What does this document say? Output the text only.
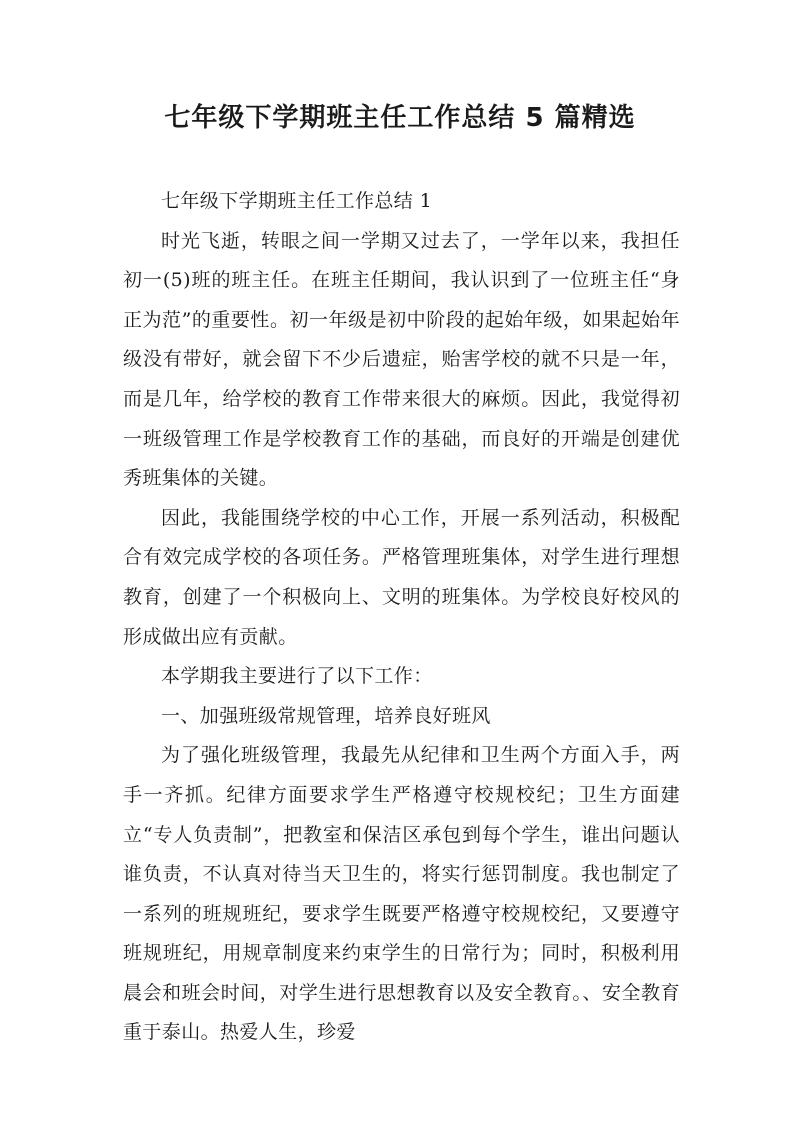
七年级下学期班主任工作总结 5 篇精选

七年级下学期班主任工作总结 1

时光飞逝，转眼之间一学期又过去了，一学年以来，我担任初一(5)班的班主任。在班主任期间，我认识到了一位班主任“身正为范”的重要性。初一年级是初中阶段的起始年级，如果起始年级没有带好，就会留下不少后遗症，贻害学校的就不只是一年，而是几年，给学校的教育工作带来很大的麻烦。因此，我觉得初一班级管理工作是学校教育工作的基础，而良好的开端是创建优秀班集体的关键。

因此，我能围绕学校的中心工作，开展一系列活动，积极配合有效完成学校的各项任务。严格管理班集体，对学生进行理想教育，创建了一个积极向上、文明的班集体。为学校良好校风的形成做出应有贡献。

本学期我主要进行了以下工作：

一、加强班级常规管理，培养良好班风

为了强化班级管理，我最先从纪律和卫生两个方面入手，两手一齐抓。纪律方面要求学生严格遵守校规校纪；卫生方面建立“专人负责制”，把教室和保洁区承包到每个学生，谁出问题认谁负责，不认真对待当天卫生的，将实行惩罚制度。我也制定了一系列的班规班纪，要求学生既要严格遵守校规校纪，又要遵守班规班纪，用规章制度来约束学生的日常行为；同时，积极利用晨会和班会时间，对学生进行思想教育以及安全教育。、安全教育重于泰山。热爱人生，珍爱
